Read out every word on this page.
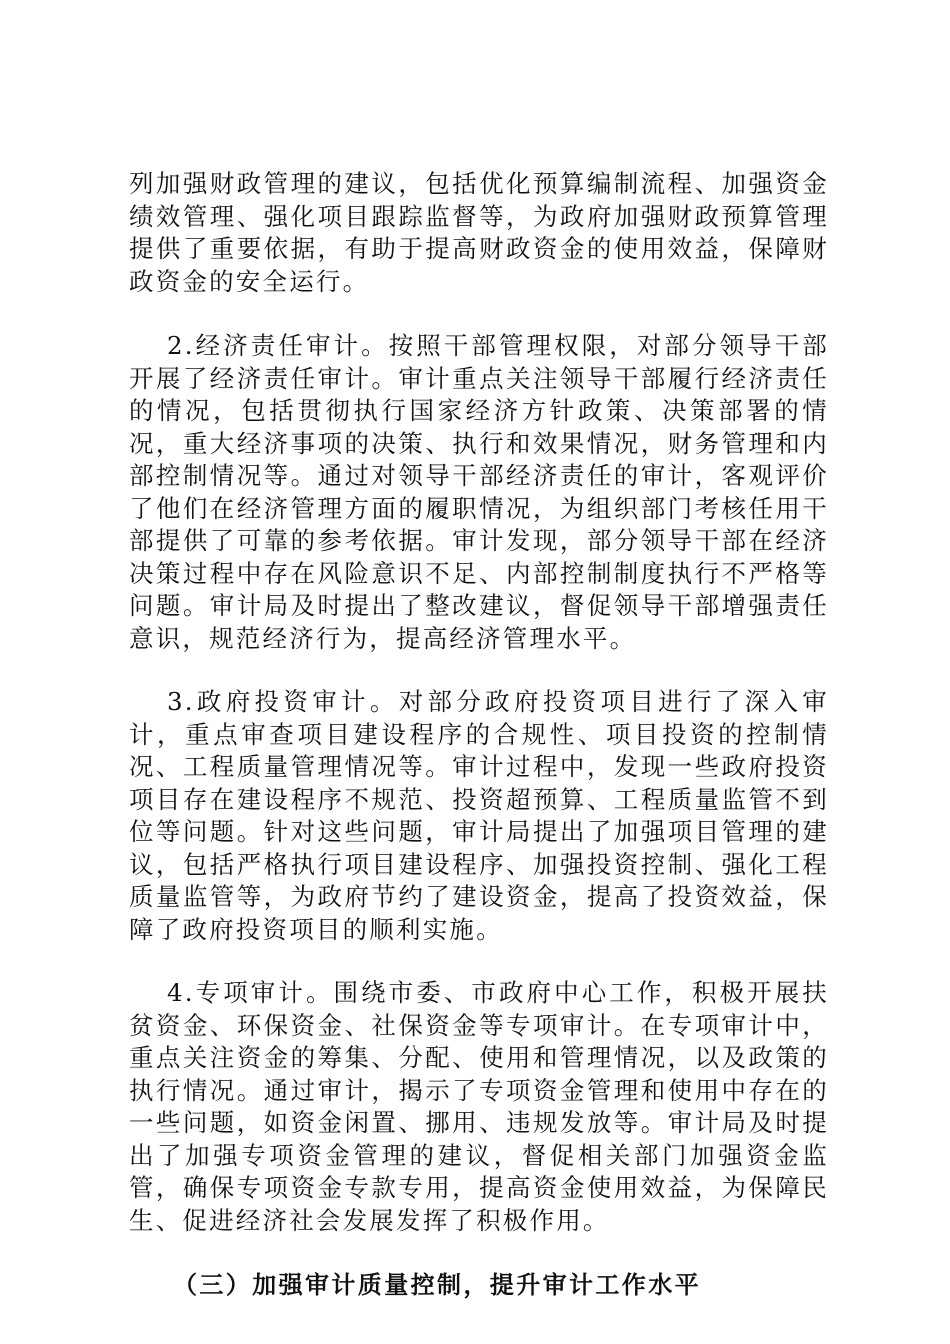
列加强财政管理的建议，包括优化预算编制流程、加强资金绩效管理、强化项目跟踪监督等，为政府加强财政预算管理提供了重要依据，有助于提高财政资金的使用效益，保障财政资金的安全运行。

2.经济责任审计。按照干部管理权限，对部分领导干部开展了经济责任审计。审计重点关注领导干部履行经济责任的情况，包括贯彻执行国家经济方针政策、决策部署的情况，重大经济事项的决策、执行和效果情况，财务管理和内部控制情况等。通过对领导干部经济责任的审计，客观评价了他们在经济管理方面的履职情况，为组织部门考核任用干部提供了可靠的参考依据。审计发现，部分领导干部在经济决策过程中存在风险意识不足、内部控制制度执行不严格等问题。审计局及时提出了整改建议，督促领导干部增强责任意识，规范经济行为，提高经济管理水平。

3.政府投资审计。对部分政府投资项目进行了深入审计，重点审查项目建设程序的合规性、项目投资的控制情况、工程质量管理情况等。审计过程中，发现一些政府投资项目存在建设程序不规范、投资超预算、工程质量监管不到位等问题。针对这些问题，审计局提出了加强项目管理的建议，包括严格执行项目建设程序、加强投资控制、强化工程质量监管等，为政府节约了建设资金，提高了投资效益，保障了政府投资项目的顺利实施。

4.专项审计。围绕市委、市政府中心工作，积极开展扶贫资金、环保资金、社保资金等专项审计。在专项审计中，重点关注资金的筹集、分配、使用和管理情况，以及政策的执行情况。通过审计，揭示了专项资金管理和使用中存在的一些问题，如资金闲置、挪用、违规发放等。审计局及时提出了加强专项资金管理的建议，督促相关部门加强资金监管，确保专项资金专款专用，提高资金使用效益，为保障民生、促进经济社会发展发挥了积极作用。

（三）加强审计质量控制，提升审计工作水平
